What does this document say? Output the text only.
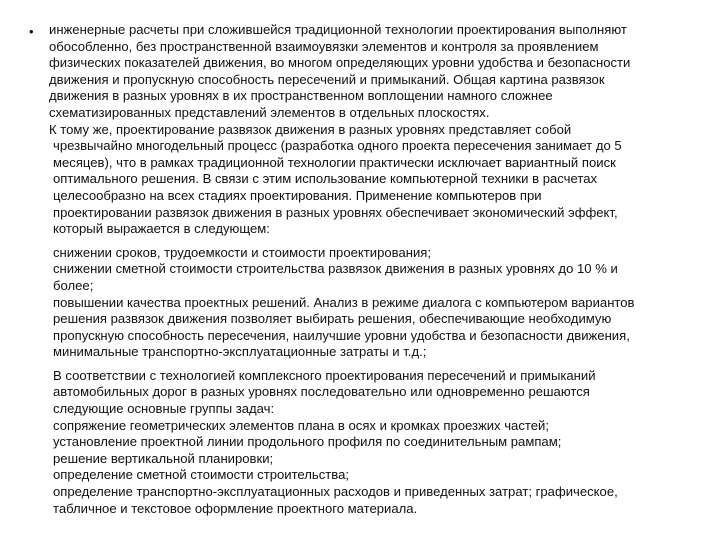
• инженерные расчеты при сложившейся традиционной технологии проектирования выполняют
обособленно, без пространственной взаимоувязки элементов и контроля за проявлением
физических показателей движения, во многом определяющих уровни удобства и безопасности
движения и пропускную способность пересечений и примыканий. Общая картина развязок
движения в разных уровнях в их пространственном воплощении намного сложнее
схематизированных представлений элементов в отдельных плоскостях.
К тому же, проектирование развязок движения в разных уровнях представляет собой
чрезвычайно многодельный процесс (разработка одного проекта пересечения занимает до 5
месяцев), что в рамках традиционной технологии практически исключает вариантный поиск
оптимального решения. В связи с этим использование компьютерной техники в расчетах
целесообразно на всех стадиях проектирования. Применение компьютеров при
проектировании развязок движения в разных уровнях обеспечивает экономический эффект,
который выражается в следующем:
снижении сроков, трудоемкости и стоимости проектирования;
снижении сметной стоимости строительства развязок движения в разных уровнях до 10 % и
более;
повышении качества проектных решений. Анализ в режиме диалога с компьютером вариантов
решения развязок движения позволяет выбирать решения, обеспечивающие необходимую
пропускную способность пересечения, наилучшие уровни удобства и безопасности движения,
минимальные транспортно-эксплуатационные затраты и т.д.;
В соответствии с технологией комплексного проектирования пересечений и примыканий
автомобильных дорог в разных уровнях последовательно или одновременно решаются
следующие основные группы задач:
сопряжение геометрических элементов плана в осях и кромках проезжих частей;
установление проектной линии продольного профиля по соединительным рампам;
решение вертикальной планировки;
определение сметной стоимости строительства;
определение транспортно-эксплуатационных расходов и приведенных затрат; графическое,
табличное и текстовое оформление проектного материала.
